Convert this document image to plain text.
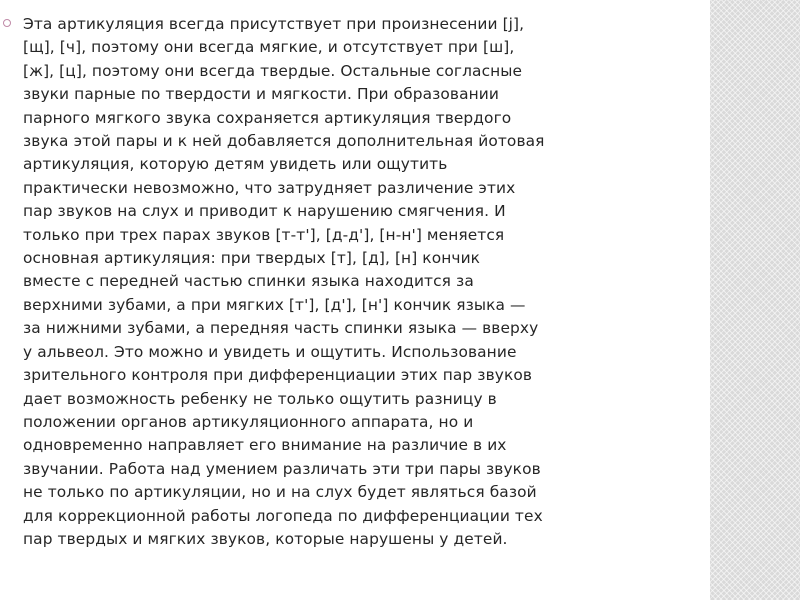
Эта артикуляция всегда присутствует при произнесении [j],
[щ], [ч], поэтому они всегда мягкие, и отсутствует при [ш],
[ж], [ц], поэтому они всегда твердые. Остальные согласные
звуки парные по твердости и мягкости. При образовании
парного мягкого звука сохраняется артикуляция твердого
звука этой пары и к ней добавляется дополнительная йотовая
артикуляция, которую детям увидеть или ощутить
практически невозможно, что затрудняет различение этих
пар звуков на слух и приводит к нарушению смягчения. И
только при трех парах звуков [т-т'], [д-д'], [н-н'] меняется
основная артикуляция: при твердых [т], [д], [н] кончик
вместе с передней частью спинки языка находится за
верхними зубами, а при мягких [т'], [д'], [н'] кончик языка —
за нижними зубами, а передняя часть спинки языка — вверху
у альвеол. Это можно и увидеть и ощутить. Использование
зрительного контроля при дифференциации этих пар звуков
дает возможность ребенку не только ощутить разницу в
положении органов артикуляционного аппарата, но и
одновременно направляет его внимание на различие в их
звучании. Работа над умением различать эти три пары звуков
не только по артикуляции, но и на слух будет являться базой
для коррекционной работы логопеда по дифференциации тех
пар твердых и мягких звуков, которые нарушены у детей.
